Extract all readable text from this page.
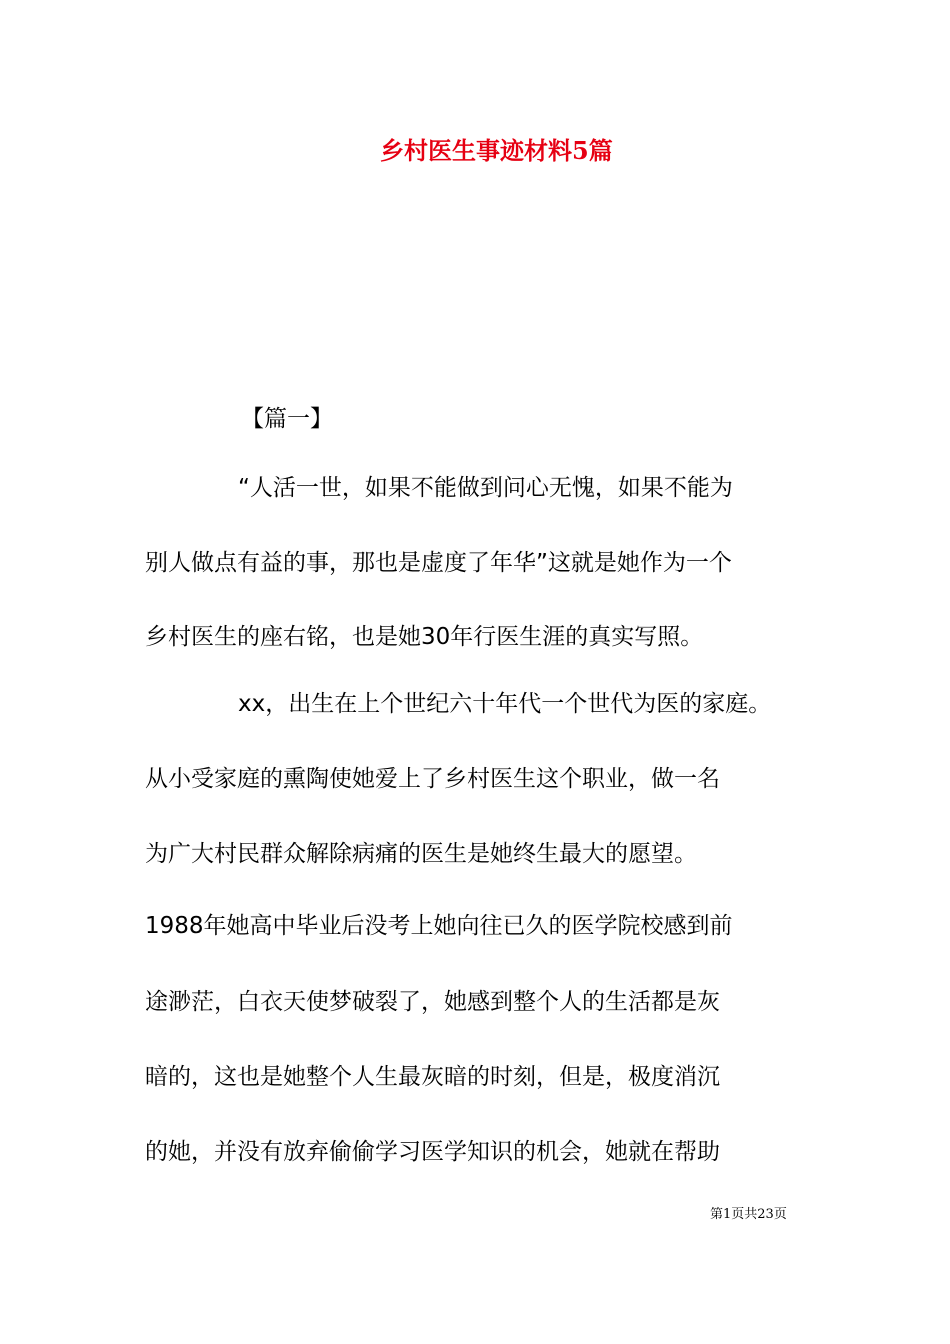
乡村医生事迹材料5篇
【篇一】
“人活一世，如果不能做到问心无愧，如果不能为
别人做点有益的事，那也是虚度了年华”这就是她作为一个
乡村医生的座右铭，也是她30年行医生涯的真实写照。
xx，出生在上个世纪六十年代一个世代为医的家庭。
从小受家庭的熏陶使她爱上了乡村医生这个职业，做一名
为广大村民群众解除病痛的医生是她终生最大的愿望。
1988年她高中毕业后没考上她向往已久的医学院校感到前
途渺茫，白衣天使梦破裂了，她感到整个人的生活都是灰
暗的，这也是她整个人生最灰暗的时刻，但是，极度消沉
的她，并没有放弃偷偷学习医学知识的机会，她就在帮助
第1页共23页
